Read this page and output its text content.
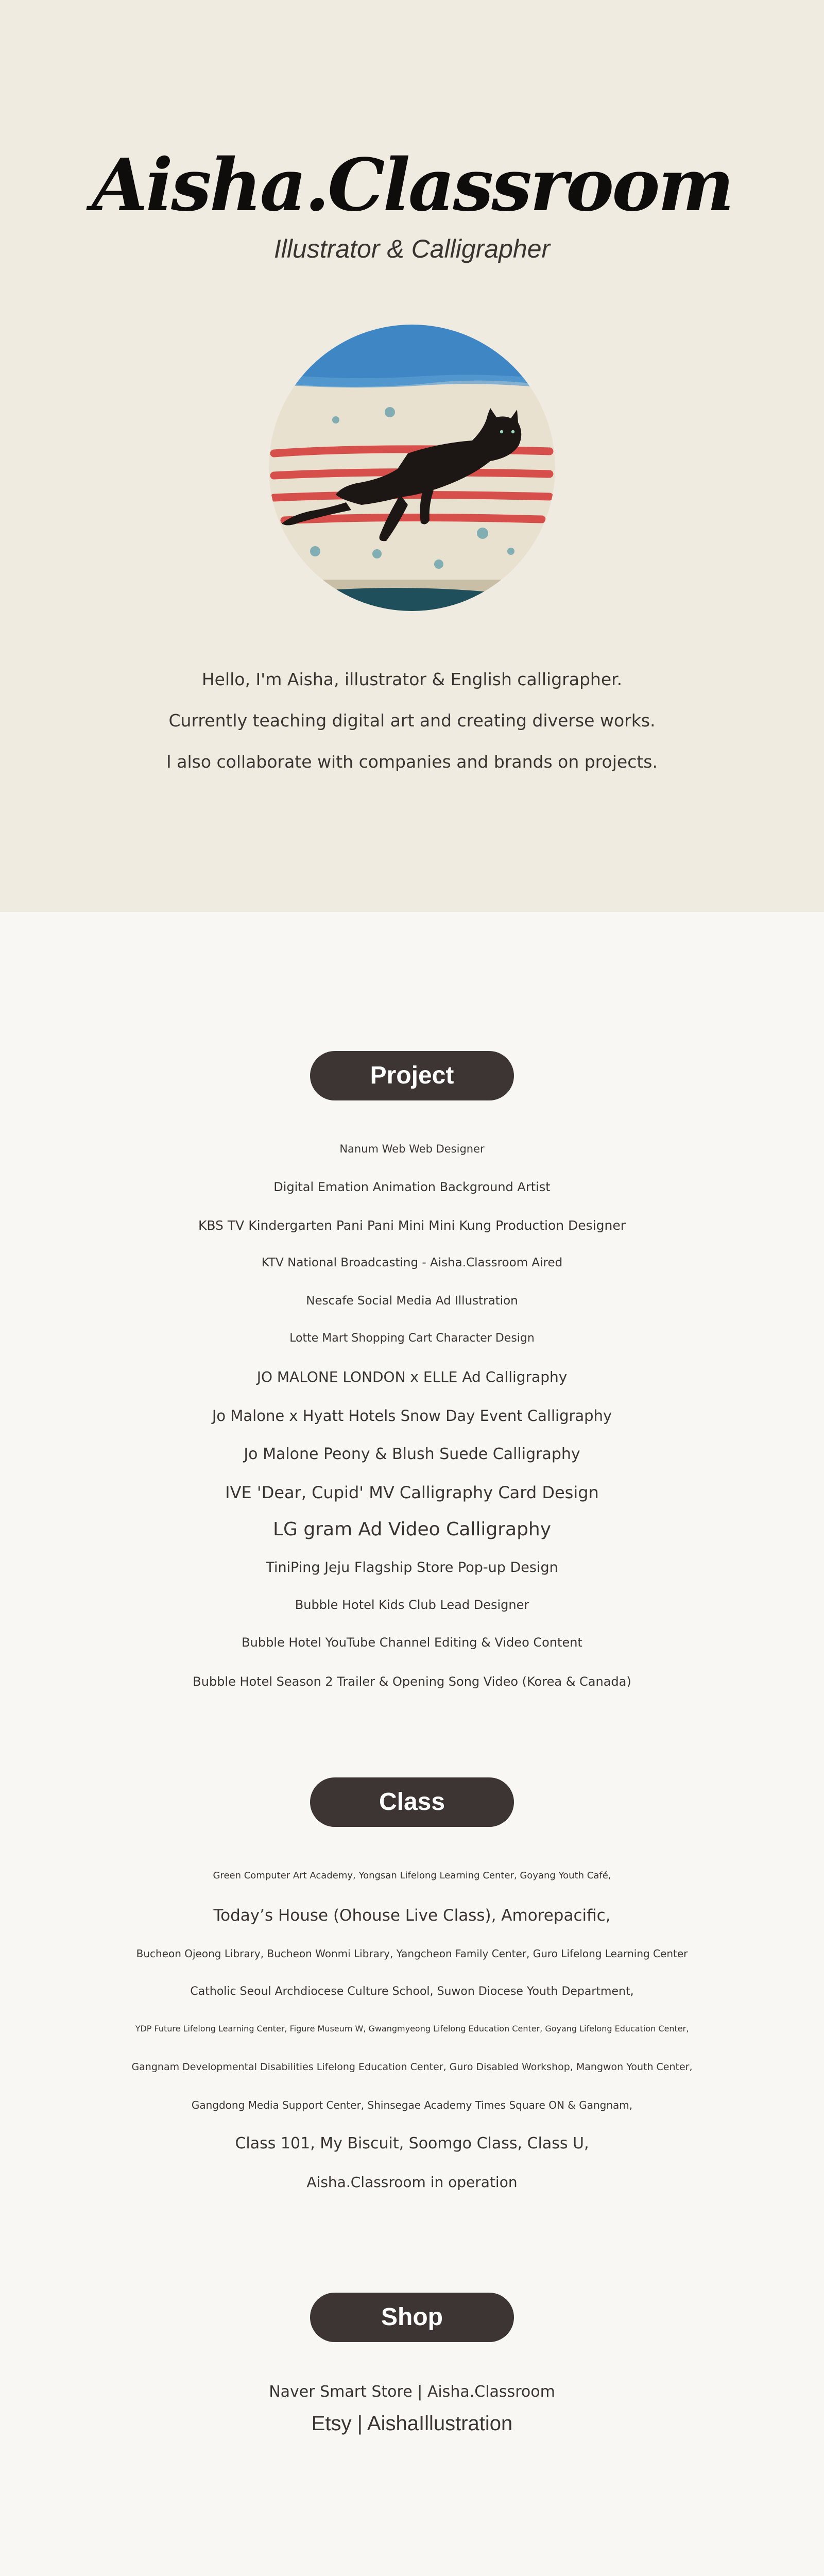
Aisha.Classroom
Illustrator & Calligrapher
Hello, I'm Aisha, illustrator & English calligrapher.
Currently teaching digital art and creating diverse works.
I also collaborate with companies and brands on projects.
Project
Nanum Web Web Designer
Digital Emation Animation Background Artist
KBS TV Kindergarten Pani Pani Mini Mini Kung Production Designer
KTV National Broadcasting - Aisha.Classroom Aired
Nescafe Social Media Ad Illustration
Lotte Mart Shopping Cart Character Design
JO MALONE LONDON x ELLE Ad Calligraphy
Jo Malone x Hyatt Hotels Snow Day Event Calligraphy
Jo Malone Peony & Blush Suede Calligraphy
IVE 'Dear, Cupid' MV Calligraphy Card Design
LG gram Ad Video Calligraphy
TiniPing Jeju Flagship Store Pop-up Design
Bubble Hotel Kids Club Lead Designer
Bubble Hotel YouTube Channel Editing & Video Content
Bubble Hotel Season 2 Trailer & Opening Song Video (Korea & Canada)
Class
Green Computer Art Academy, Yongsan Lifelong Learning Center, Goyang Youth Café,
Today’s House (Ohouse Live Class), Amorepacific,
Bucheon Ojeong Library, Bucheon Wonmi Library, Yangcheon Family Center, Guro Lifelong Learning Center
Catholic Seoul Archdiocese Culture School, Suwon Diocese Youth Department,
YDP Future Lifelong Learning Center, Figure Museum W, Gwangmyeong Lifelong Education Center, Goyang Lifelong Education Center,
Gangnam Developmental Disabilities Lifelong Education Center, Guro Disabled Workshop, Mangwon Youth Center,
Gangdong Media Support Center, Shinsegae Academy Times Square ON & Gangnam,
Class 101, My Biscuit, Soomgo Class, Class U,
Aisha.Classroom in operation
Shop
Naver Smart Store | Aisha.Classroom
Etsy | AishaIllustration
